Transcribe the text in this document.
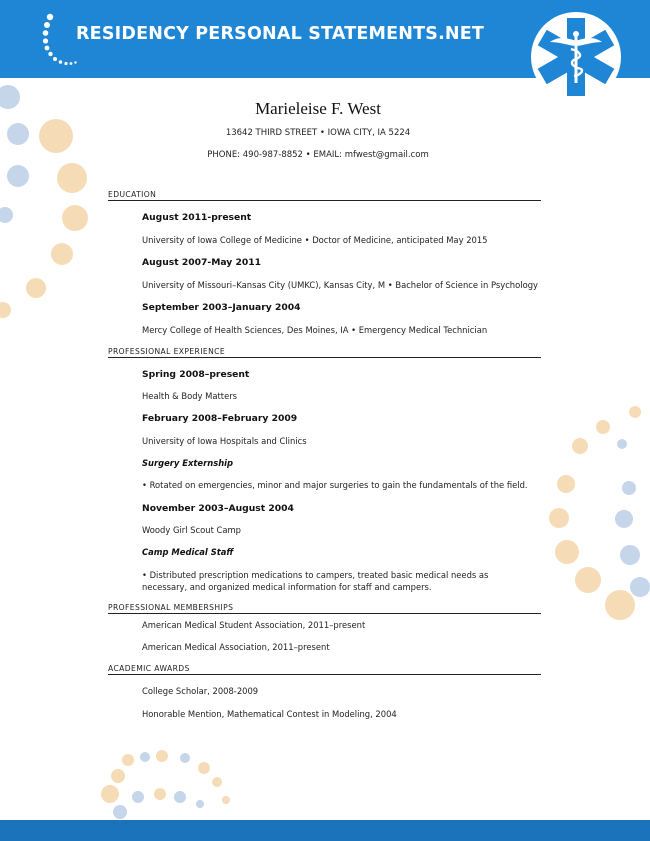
RESIDENCY PERSONAL STATEMENTS.NET
Marieleise F. West
13642 THIRD STREET • IOWA CITY, IA 5224
PHONE: 490-987-8852 • EMAIL: mfwest@gmail.com
EDUCATION
August 2011-present
University of Iowa College of Medicine • Doctor of Medicine, anticipated May 2015
August 2007-May 2011
University of Missouri–Kansas City (UMKC), Kansas City, M • Bachelor of Science in Psychology
September 2003–January 2004
Mercy College of Health Sciences, Des Moines, IA • Emergency Medical Technician
PROFESSIONAL EXPERIENCE
Spring 2008–present
Health & Body Matters
February 2008–February 2009
University of Iowa Hospitals and Clinics
Surgery Externship
• Rotated on emergencies, minor and major surgeries to gain the fundamentals of the field.
November 2003–August 2004
Woody Girl Scout Camp
Camp Medical Staff
• Distributed prescription medications to campers, treated basic medical needs as necessary, and organized medical information for staff and campers.
PROFESSIONAL MEMBERSHIPS
American Medical Student Association, 2011–present
American Medical Association, 2011–present
ACADEMIC AWARDS
College Scholar, 2008-2009
Honorable Mention, Mathematical Contest in Modeling, 2004
